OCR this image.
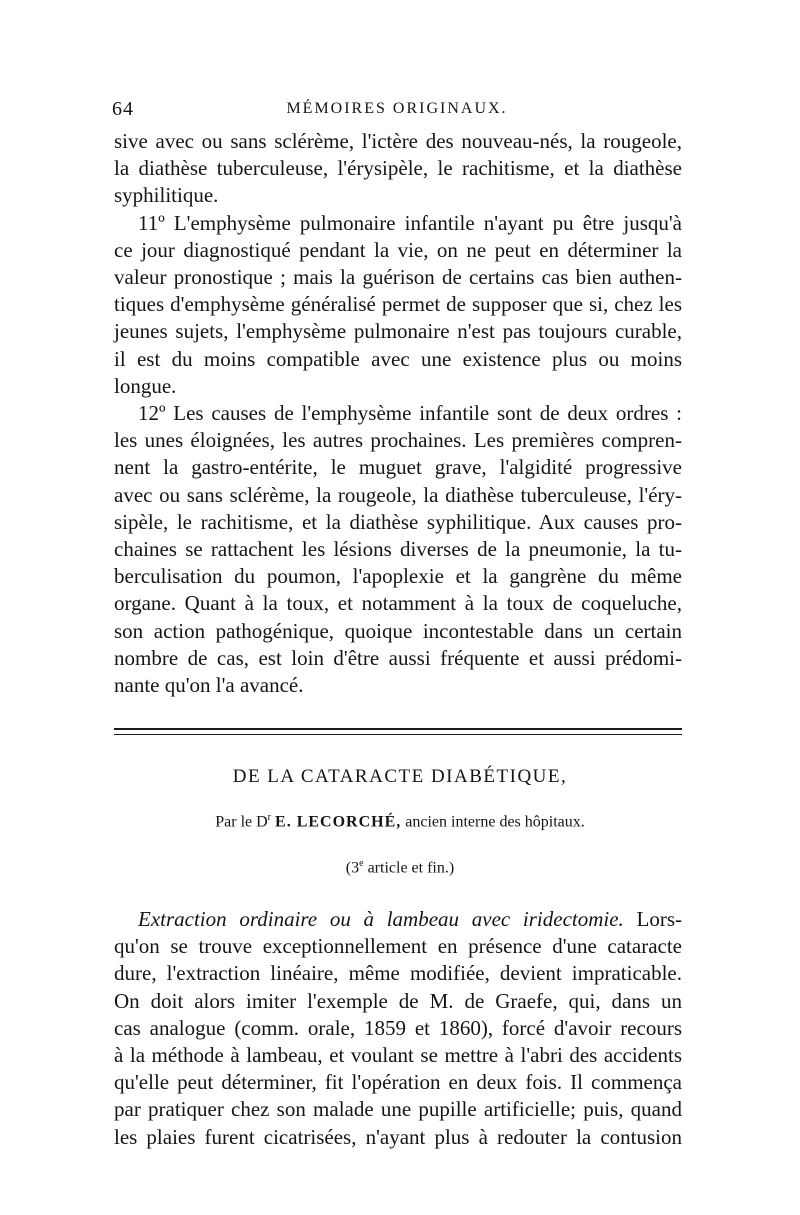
64	MÉMOIRES ORIGINAUX.
sive avec ou sans sclérème, l'ictère des nouveau-nés, la rougeole,
la diathèse tuberculeuse, l'érysipèle, le rachitisme, et la diathèse
syphilitique.
11º L'emphysème pulmonaire infantile n'ayant pu être jusqu'à
ce jour diagnostiqué pendant la vie, on ne peut en déterminer la
valeur pronostique ; mais la guérison de certains cas bien authen-
tiques d'emphysème généralisé permet de supposer que si, chez les
jeunes sujets, l'emphysème pulmonaire n'est pas toujours curable,
il est du moins compatible avec une existence plus ou moins
longue.
12º Les causes de l'emphysème infantile sont de deux ordres :
les unes éloignées, les autres prochaines. Les premières compren-
nent la gastro-entérite, le muguet grave, l'algidité progressive
avec ou sans sclérème, la rougeole, la diathèse tuberculeuse, l'éry-
sipèle, le rachitisme, et la diathèse syphilitique. Aux causes pro-
chaines se rattachent les lésions diverses de la pneumonie, la tu-
berculisation du poumon, l'apoplexie et la gangrène du même
organe. Quant à la toux, et notamment à la toux de coqueluche,
son action pathogénique, quoique incontestable dans un certain
nombre de cas, est loin d'être aussi fréquente et aussi prédomi-
nante qu'on l'a avancé.
DE LA CATARACTE DIABÉTIQUE,
Par le $D^r$ E. LECORCHÉ, ancien interne des hôpitaux.
(3e article et fin.)
Extraction ordinaire ou à lambeau avec iridectomie. Lors-
qu'on se trouve exceptionnellement en présence d'une cataracte
dure, l'extraction linéaire, même modifiée, devient impraticable.
On doit alors imiter l'exemple de M. de Graefe, qui, dans un
cas analogue (comm. orale, 1859 et 1860), forcé d'avoir recours
à la méthode à lambeau, et voulant se mettre à l'abri des accidents
qu'elle peut déterminer, fit l'opération en deux fois. Il commença
par pratiquer chez son malade une pupille artificielle; puis, quand
les plaies furent cicatrisées, n'ayant plus à redouter la contusion
